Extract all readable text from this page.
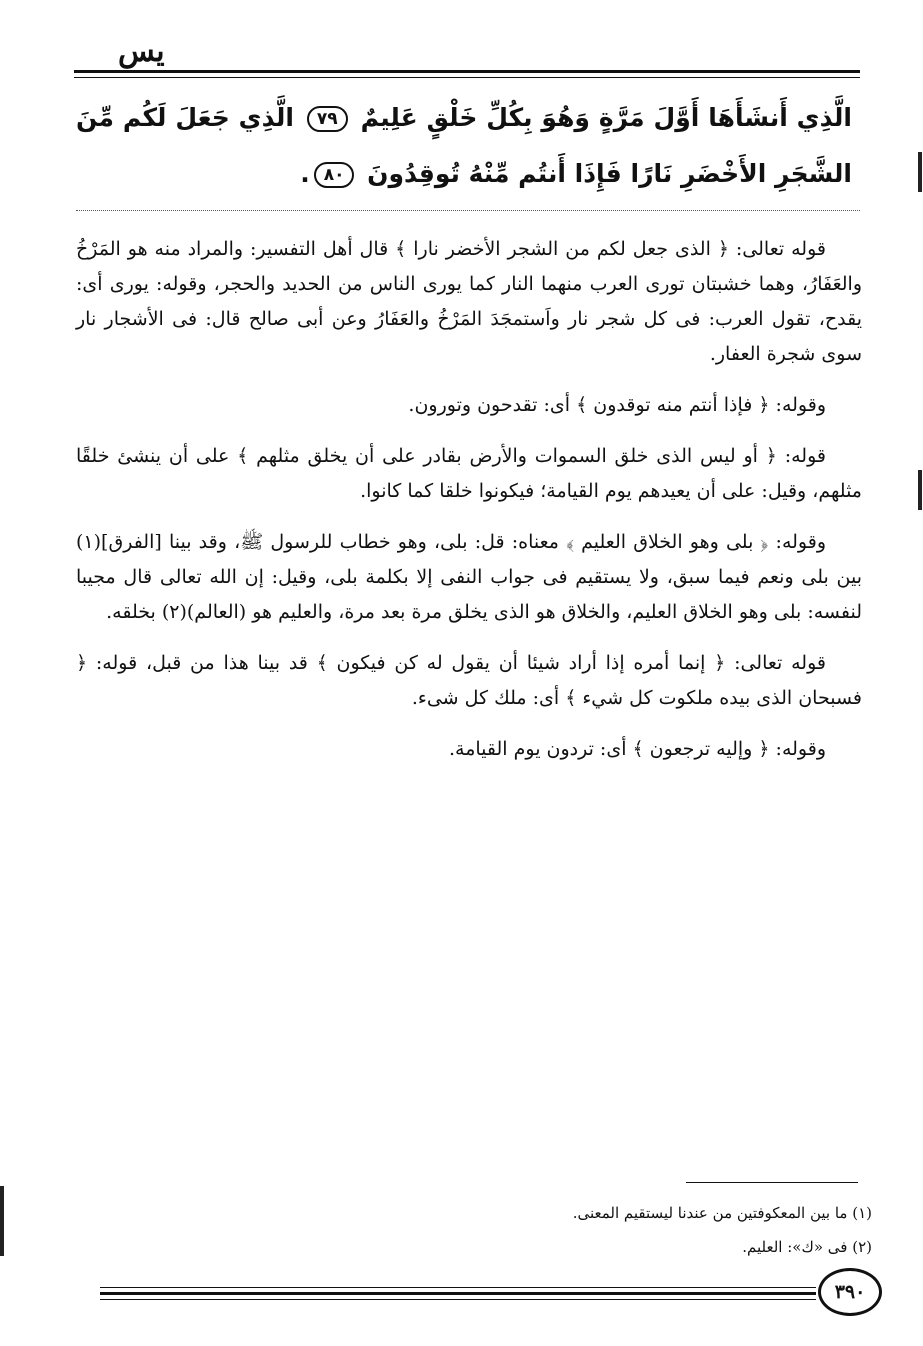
يس
الَّذِي أَنشَأَهَا أَوَّلَ مَرَّةٍ وَهُوَ بِكُلِّ خَلْقٍ عَلِيمٌ ٧٩ الَّذِي جَعَلَ لَكُم مِّنَ الشَّجَرِ الأَخْضَرِ نَارًا فَإِذَا أَنتُم مِّنْهُ تُوقِدُونَ ٨٠.

قوله تعالى: ﴿ الذى جعل لكم من الشجر الأخضر نارا ﴾ قال أهل التفسير: والمراد منه هو المَرْخُ والعَفَارُ، وهما خشبتان تورى العرب منهما النار كما يورى الناس من الحديد والحجر، وقوله: يورى أى: يقدح، تقول العرب: فى كل شجر نار واَستمجَدَ المَرْخُ والعَفَارُ وعن أبى صالح قال: فى الأشجار نار سوى شجرة العفار.

وقوله: ﴿ فإذا أنتم منه توقدون ﴾ أى: تقدحون وتورون.

قوله: ﴿ أو ليس الذى خلق السموات والأرض بقادر على أن يخلق مثلهم ﴾ على أن ينشئ خلقًا مثلهم، وقيل: على أن يعيدهم يوم القيامة؛ فيكونوا خلقا كما كانوا.

وقوله: ﴿ بلى وهو الخلاق العليم ﴾ معناه: قل: بلى، وهو خطاب للرسول ﷺ، وقد بينا [الفرق](١) بين بلى ونعم فيما سبق، ولا يستقيم فى جواب النفى إلا بكلمة بلى، وقيل: إن الله تعالى قال مجيبا لنفسه: بلى وهو الخلاق العليم، والخلاق هو الذى يخلق مرة بعد مرة، والعليم هو (العالم)(٢) بخلقه.

قوله تعالى: ﴿ إنما أمره إذا أراد شيئا أن يقول له كن فيكون ﴾ قد بينا هذا من قبل، قوله: ﴿ فسبحان الذى بيده ملكوت كل شيء ﴾ أى: ملك كل شىء.

وقوله: ﴿ وإليه ترجعون ﴾ أى: تردون يوم القيامة.

(١) ما بين المعكوفتين من عندنا ليستقيم المعنى.
(٢) فى «ك»: العليم.
٣٩٠
